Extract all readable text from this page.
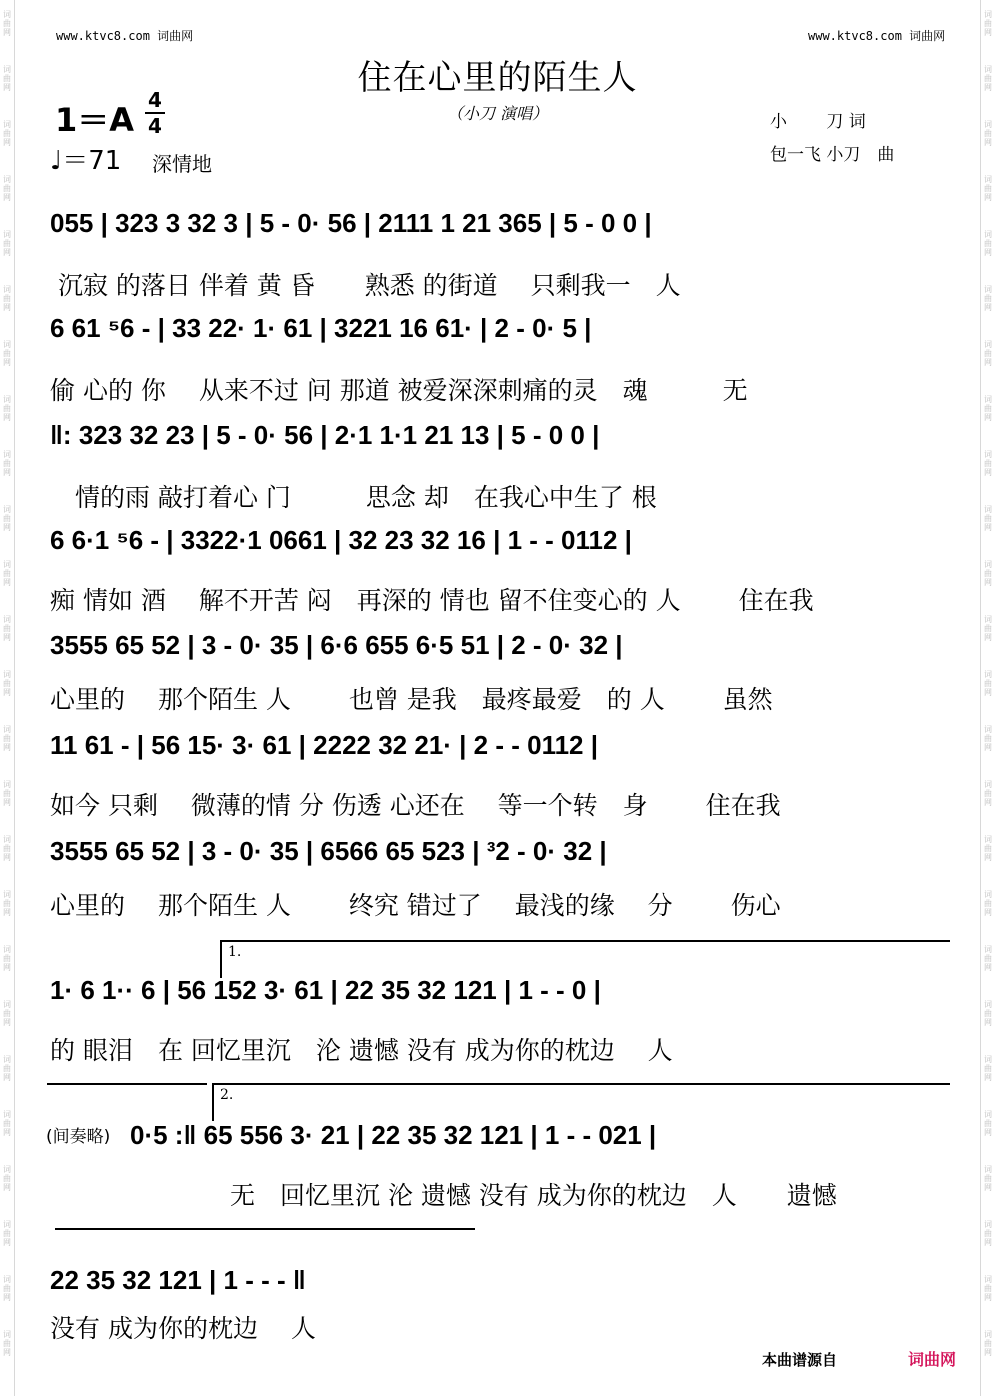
词
曲
网
词
曲
网
词
曲
网
词
曲
网
词
曲
网
词
曲
网
词
曲
网
词
曲
网
词
曲
网
词
曲
网
词
曲
网
词
曲
网
词
曲
网
词
曲
网
词
曲
网
词
曲
网
词
曲
网
词
曲
网
词
曲
网
词
曲
网
词
曲
网
词
曲
网
词
曲
网
词
曲
网
词
曲
网
词
曲
网
词
曲
网
词
曲
网
词
曲
网
词
曲
网
词
曲
网
词
曲
网
词
曲
网
词
曲
网
词
曲
网
词
曲
网
词
曲
网
词
曲
网
词
曲
网
词
曲
网
词
曲
网
词
曲
网
词
曲
网
词
曲
网
词
曲
网
词
曲
网
词
曲
网
词
曲
网
词
曲
网
词
曲
网
www.ktvc8.com 词曲网	www.ktvc8.com 词曲网
住在心里的陌生人
（小刀 演唱）
1＝A
4
4
♩＝71 深情地
小　　 刀 词
包一飞 小刀　曲
055 | 323 3 32 3 | 5 - 0· 56 | 2111 1 21 365 | 5 - 0 0 |
沉寂 的落日 伴着 黄 昏　　熟悉 的街道　 只剩我一　人
6 61 ⁵6 - | 33 22· 1· 61 | 3221 16 61· | 2 - 0· 5 |
偷 心的 你　 从来不过 问 那道 被爱深深刺痛的灵　魂　　　无
‖: 323 32 23 | 5 - 0· 56 | 2·1 1·1 21 13 | 5 - 0 0 |
　情的雨 敲打着心 门　　　思念 却　在我心中生了 根
6 6·1 ⁵6 - | 3322·1 0661 | 32 23 32 16 | 1 - - 0112 |
痴 情如 酒　 解不开苦 闷　再深的 情也 留不住变心的 人　　 住在我
3555 65 52 | 3 - 0· 35 | 6·6 655 6·5 51 | 2 - 0· 32 |
心里的　 那个陌生 人　　 也曾 是我　最疼最爱　的 人　　 虽然
11 61 - | 56 15· 3· 61 | 2222 32 21· | 2 - - 0112 |
如今 只剩　 微薄的情 分 伤透 心还在　 等一个转　身　　 住在我
3555 65 52 | 3 - 0· 35 | 6566 65 523 | ³2 - 0· 32 |
心里的　 那个陌生 人　　 终究 错过了　 最浅的缘　 分　　 伤心
1.
1· 6 1·· 6 | 56 152 3· 61 | 22 35 32 121 | 1 - - 0 |
的 眼泪　在 回忆里沉　沦 遗憾 没有 成为你的枕边　 人
2.
(间奏略) 0·5 :‖ 65 556 3· 21 | 22 35 32 121 | 1 - - 021 |
　　　　无　回忆里沉 沦 遗憾 没有 成为你的枕边　人　　遗憾
22 35 32 121 | 1 - - - ‖
没有 成为你的枕边　 人
本曲谱源自	词曲网
